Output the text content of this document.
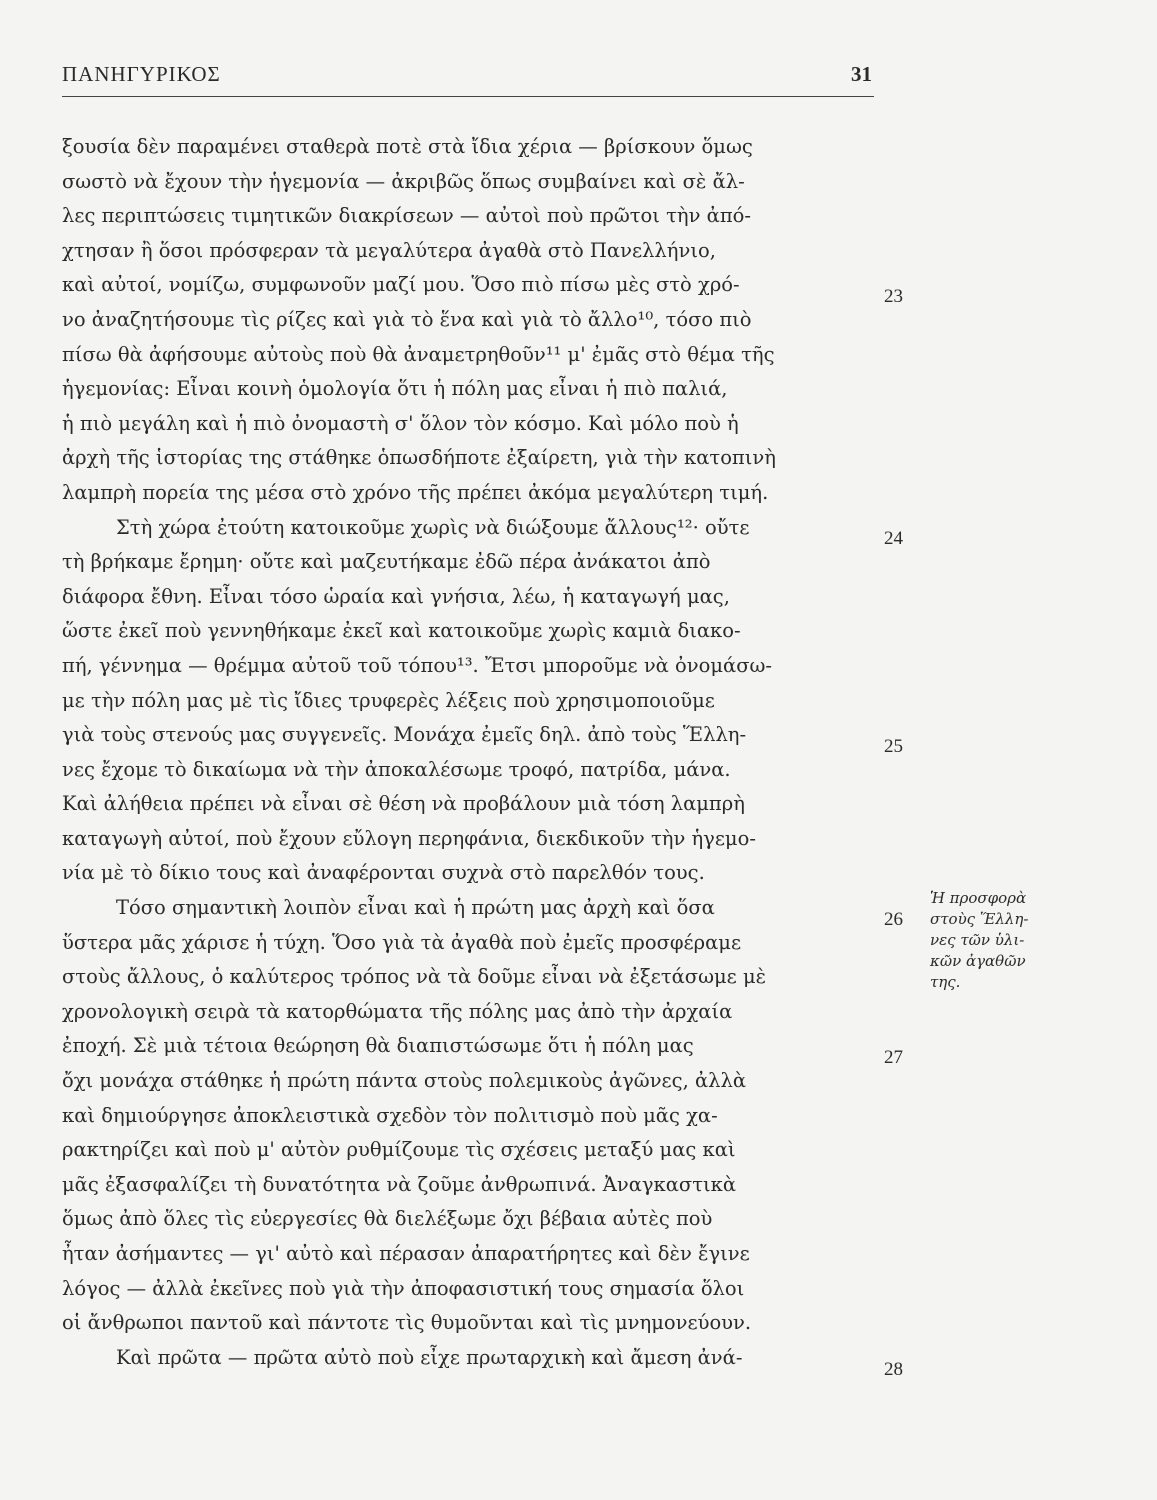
ΠΑΝΗΓΥΡΙΚΟΣ	31
ξουσία δὲν παραμένει σταθερὰ ποτὲ στὰ ἴδια χέρια — βρίσκουν ὅμως
σωστὸ νὰ ἔχουν τὴν ἡγεμονία — ἀκριβῶς ὅπως συμβαίνει καὶ σὲ ἄλ-
λες περιπτώσεις τιμητικῶν διακρίσεων — αὐτοὶ ποὺ πρῶτοι τὴν ἀπό-
χτησαν ἢ ὅσοι πρόσφεραν τὰ μεγαλύτερα ἀγαθὰ στὸ Πανελλήνιο,
καὶ αὐτοί, νομίζω, συμφωνοῦν μαζί μου. Ὅσο πιὸ πίσω μὲς στὸ χρό-
νο ἀναζητήσουμε τὶς ρίζες καὶ γιὰ τὸ ἕνα καὶ γιὰ τὸ ἄλλο¹⁰, τόσο πιὸ
πίσω θὰ ἀφήσουμε αὐτοὺς ποὺ θὰ ἀναμετρηθοῦν¹¹ μ' ἐμᾶς στὸ θέμα τῆς
ἡγεμονίας: Εἶναι κοινὴ ὁμολογία ὅτι ἡ πόλη μας εἶναι ἡ πιὸ παλιά,
ἡ πιὸ μεγάλη καὶ ἡ πιὸ ὀνομαστὴ σ' ὅλον τὸν κόσμο. Καὶ μόλο ποὺ ἡ
ἀρχὴ τῆς ἱστορίας της στάθηκε ὁπωσδήποτε ἐξαίρετη, γιὰ τὴν κατοπινὴ
λαμπρὴ πορεία της μέσα στὸ χρόνο τῆς πρέπει ἀκόμα μεγαλύτερη τιμή.
Στὴ χώρα ἐτούτη κατοικοῦμε χωρὶς νὰ διώξουμε ἄλλους¹²· οὔτε
τὴ βρήκαμε ἔρημη· οὔτε καὶ μαζευτήκαμε ἐδῶ πέρα ἀνάκατοι ἀπὸ
διάφορα ἔθνη. Εἶναι τόσο ὡραία καὶ γνήσια, λέω, ἡ καταγωγή μας,
ὥστε ἐκεῖ ποὺ γεννηθήκαμε ἐκεῖ καὶ κατοικοῦμε χωρὶς καμιὰ διακο-
πή, γέννημα — θρέμμα αὐτοῦ τοῦ τόπου¹³. Ἔτσι μποροῦμε νὰ ὀνομάσω-
με τὴν πόλη μας μὲ τὶς ἴδιες τρυφερὲς λέξεις ποὺ χρησιμοποιοῦμε
γιὰ τοὺς στενούς μας συγγενεῖς. Μονάχα ἐμεῖς δηλ. ἀπὸ τοὺς Ἕλλη-
νες ἔχομε τὸ δικαίωμα νὰ τὴν ἀποκαλέσωμε τροφό, πατρίδα, μάνα.
Καὶ ἀλήθεια πρέπει νὰ εἶναι σὲ θέση νὰ προβάλουν μιὰ τόση λαμπρὴ
καταγωγὴ αὐτοί, ποὺ ἔχουν εὔλογη περηφάνια, διεκδικοῦν τὴν ἡγεμο-
νία μὲ τὸ δίκιο τους καὶ ἀναφέρονται συχνὰ στὸ παρελθόν τους.
Τόσο σημαντικὴ λοιπὸν εἶναι καὶ ἡ πρώτη μας ἀρχὴ καὶ ὅσα
ὕστερα μᾶς χάρισε ἡ τύχη. Ὅσο γιὰ τὰ ἀγαθὰ ποὺ ἐμεῖς προσφέραμε
στοὺς ἄλλους, ὁ καλύτερος τρόπος νὰ τὰ δοῦμε εἶναι νὰ ἐξετάσωμε μὲ
χρονολογικὴ σειρὰ τὰ κατορθώματα τῆς πόλης μας ἀπὸ τὴν ἀρχαία
ἐποχή. Σὲ μιὰ τέτοια θεώρηση θὰ διαπιστώσωμε ὅτι ἡ πόλη μας
ὄχι μονάχα στάθηκε ἡ πρώτη πάντα στοὺς πολεμικοὺς ἀγῶνες, ἀλλὰ
καὶ δημιούργησε ἀποκλειστικὰ σχεδὸν τὸν πολιτισμὸ ποὺ μᾶς χα-
ρακτηρίζει καὶ ποὺ μ' αὐτὸν ρυθμίζουμε τὶς σχέσεις μεταξύ μας καὶ
μᾶς ἐξασφαλίζει τὴ δυνατότητα νὰ ζοῦμε ἀνθρωπινά. Ἀναγκαστικὰ
ὅμως ἀπὸ ὅλες τὶς εὐεργεσίες θὰ διελέξωμε ὄχι βέβαια αὐτὲς ποὺ
ἦταν ἀσήμαντες — γι' αὐτὸ καὶ πέρασαν ἀπαρατήρητες καὶ δὲν ἔγινε
λόγος — ἀλλὰ ἐκεῖνες ποὺ γιὰ τὴν ἀποφασιστική τους σημασία ὅλοι
οἱ ἄνθρωποι παντοῦ καὶ πάντοτε τὶς θυμοῦνται καὶ τὶς μνημονεύουν.
Καὶ πρῶτα — πρῶτα αὐτὸ ποὺ εἶχε πρωταρχικὴ καὶ ἄμεση ἀνά-
23
24
25
26
27
28
Ἡ προσφορὰ
στοὺς Ἕλλη-
νες τῶν ὑλι-
κῶν ἀγαθῶν
της.
